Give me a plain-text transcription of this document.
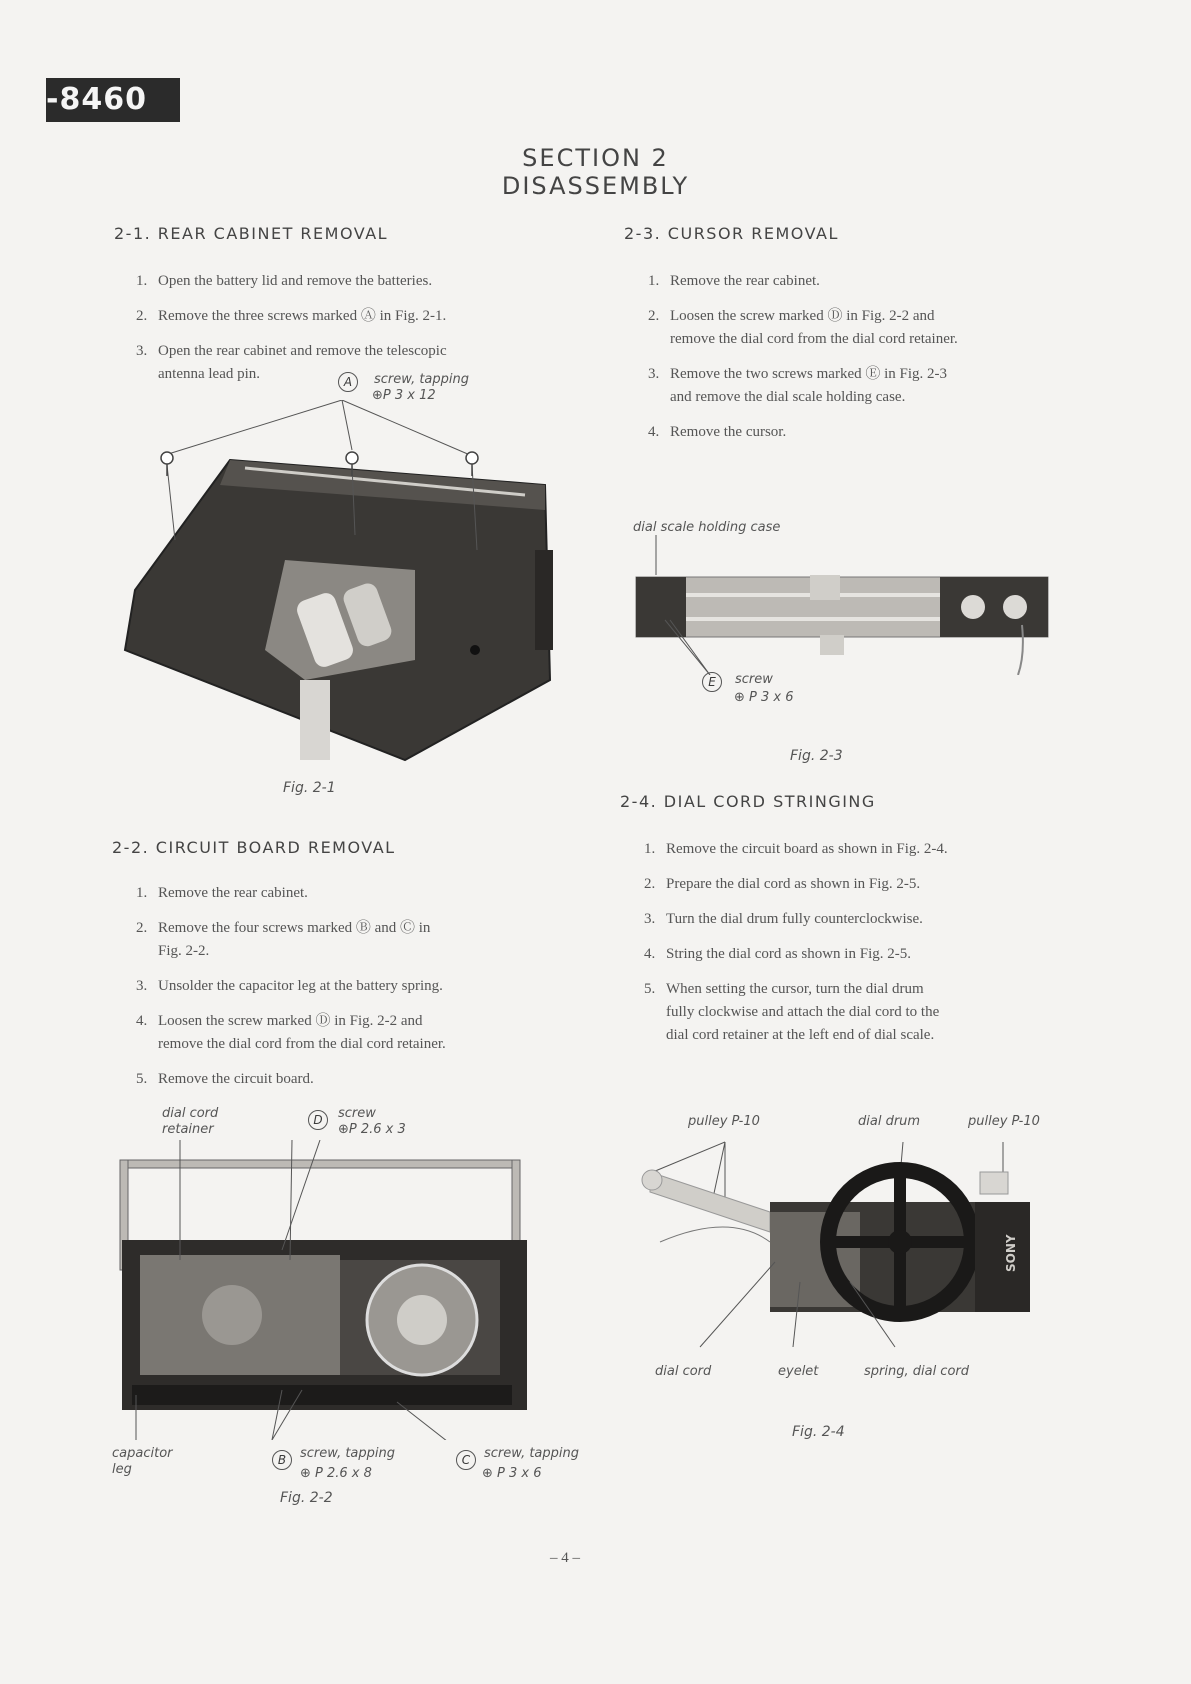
-8460
SECTION 2
DISASSEMBLY
2-1. REAR CABINET REMOVAL
1. Open the battery lid and remove the batteries.
2. Remove the three screws marked Ⓐ in Fig. 2-1.
3. Open the rear cabinet and remove the telescopic
antenna lead pin.	A	screw, tapping
⊕P 3 x 12
Fig. 2-1
2-2. CIRCUIT BOARD REMOVAL
1. Remove the rear cabinet.
2. Remove the four screws marked Ⓑ and Ⓒ in
Fig. 2-2.
3. Unsolder the capacitor leg at the battery spring.
4. Loosen the screw marked Ⓓ in Fig. 2-2 and
remove the dial cord from the dial cord retainer.
5. Remove the circuit board.
dial cord retainer
D	screw
⊕P 2.6 x 3
capacitor leg
B	screw, tapping
⊕ P 2.6 x 8
C	screw, tapping
⊕ P 3 x 6
Fig. 2-2
2-3. CURSOR REMOVAL
1. Remove the rear cabinet.
2. Loosen the screw marked Ⓓ in Fig. 2-2 and
remove the dial cord from the dial cord retainer.
3. Remove the two screws marked Ⓔ in Fig. 2-3
and remove the dial scale holding case.
4. Remove the cursor.
dial scale holding case
E	screw
⊕ P 3 x 6
Fig. 2-3
2-4. DIAL CORD STRINGING
1. Remove the circuit board as shown in Fig. 2-4.
2. Prepare the dial cord as shown in Fig. 2-5.
3. Turn the dial drum fully counterclockwise.
4. String the dial cord as shown in Fig. 2-5.
5. When setting the cursor, turn the dial drum
fully clockwise and attach the dial cord to the
dial cord retainer at the left end of dial scale.
pulley P-10	dial drum	pulley P-10
SONY
dial cord	eyelet	spring, dial cord
Fig. 2-4
– 4 –
